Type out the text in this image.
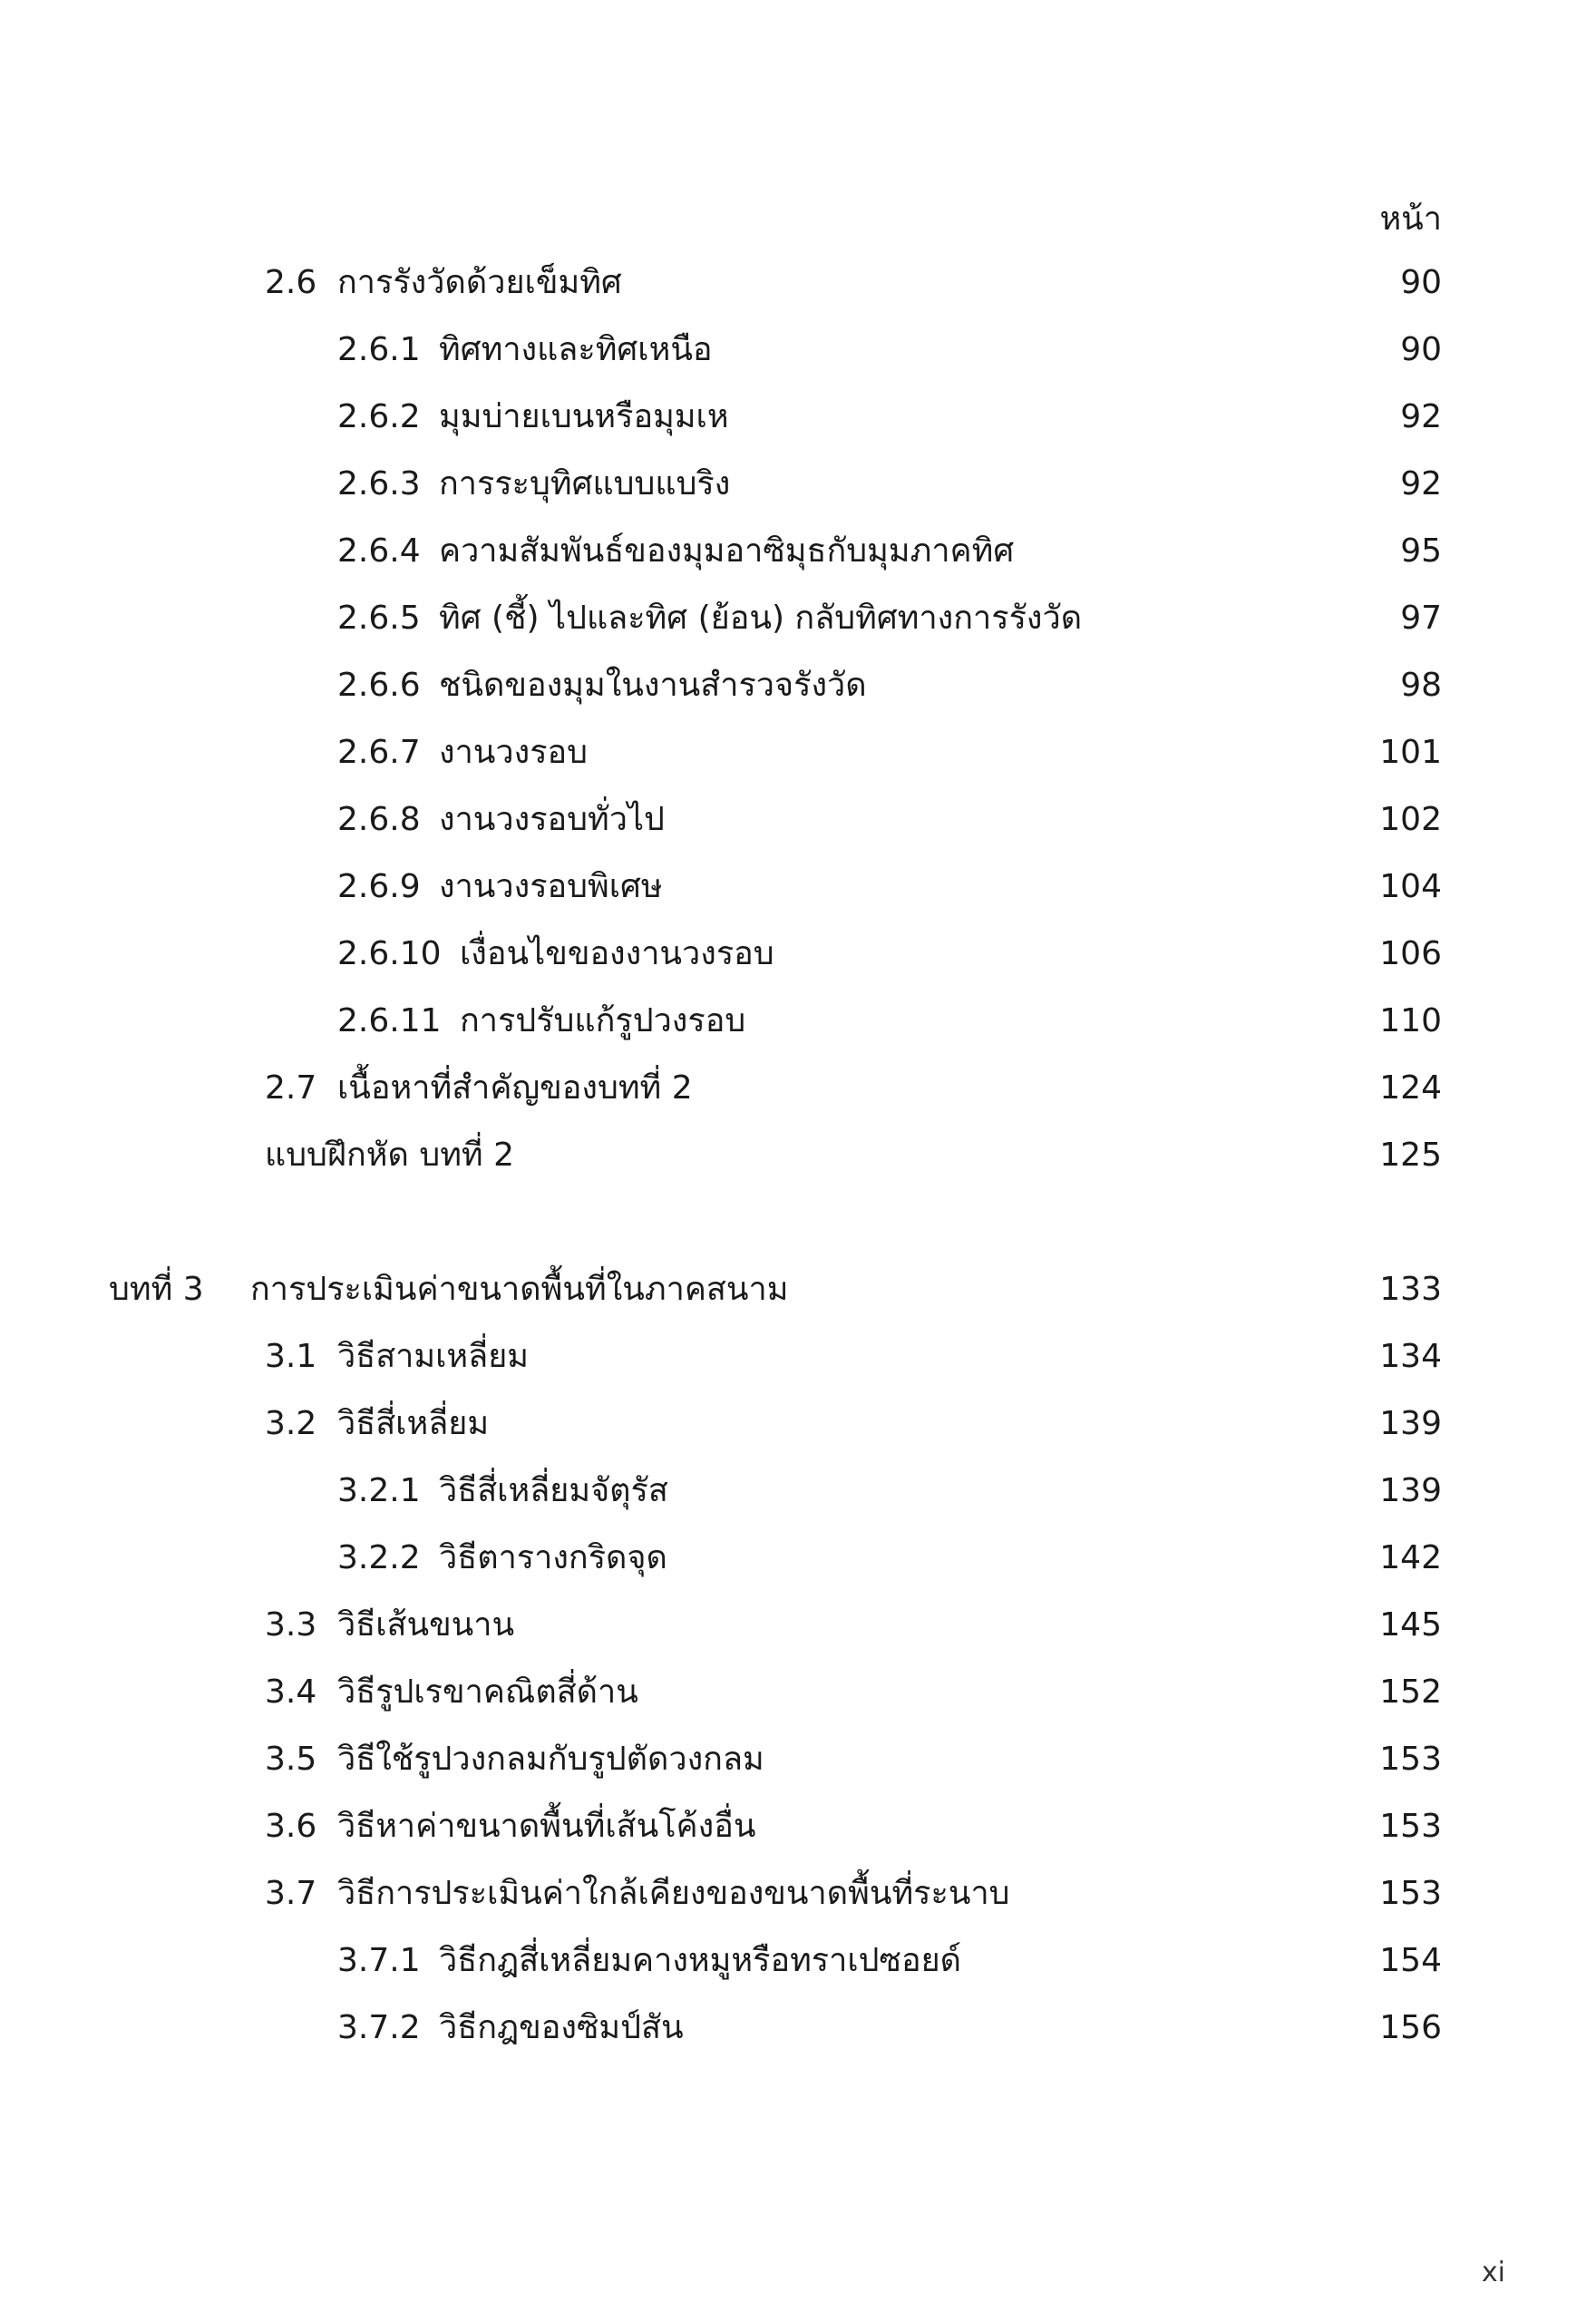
หน้า
2.6 การรังวัดด้วยเข็มทิศ	90
2.6.1 ทิศทางและทิศเหนือ	90
2.6.2 มุมบ่ายเบนหรือมุมเห	92
2.6.3 การระบุทิศแบบแบริง	92
2.6.4 ความสัมพันธ์ของมุมอาซิมุธกับมุมภาคทิศ	95
2.6.5 ทิศ (ชี้) ไปและทิศ (ย้อน) กลับทิศทางการรังวัด	97
2.6.6 ชนิดของมุมในงานสำรวจรังวัด	98
2.6.7 งานวงรอบ	101
2.6.8 งานวงรอบทั่วไป	102
2.6.9 งานวงรอบพิเศษ	104
2.6.10 เงื่อนไขของงานวงรอบ	106
2.6.11 การปรับแก้รูปวงรอบ	110
2.7 เนื้อหาที่สำคัญของบทที่ 2	124
แบบฝึกหัด บทที่ 2	125
บทที่ 3 การประเมินค่าขนาดพื้นที่ในภาคสนาม	133
3.1 วิธีสามเหลี่ยม	134
3.2 วิธีสี่เหลี่ยม	139
3.2.1 วิธีสี่เหลี่ยมจัตุรัส	139
3.2.2 วิธีตารางกริดจุด	142
3.3 วิธีเส้นขนาน	145
3.4 วิธีรูปเรขาคณิตสี่ด้าน	152
3.5 วิธีใช้รูปวงกลมกับรูปตัดวงกลม	153
3.6 วิธีหาค่าขนาดพื้นที่เส้นโค้งอื่น	153
3.7 วิธีการประเมินค่าใกล้เคียงของขนาดพื้นที่ระนาบ	153
3.7.1 วิธีกฎสี่เหลี่ยมคางหมูหรือทราเปซอยด์	154
3.7.2 วิธีกฎของซิมป์สัน	156
xi
